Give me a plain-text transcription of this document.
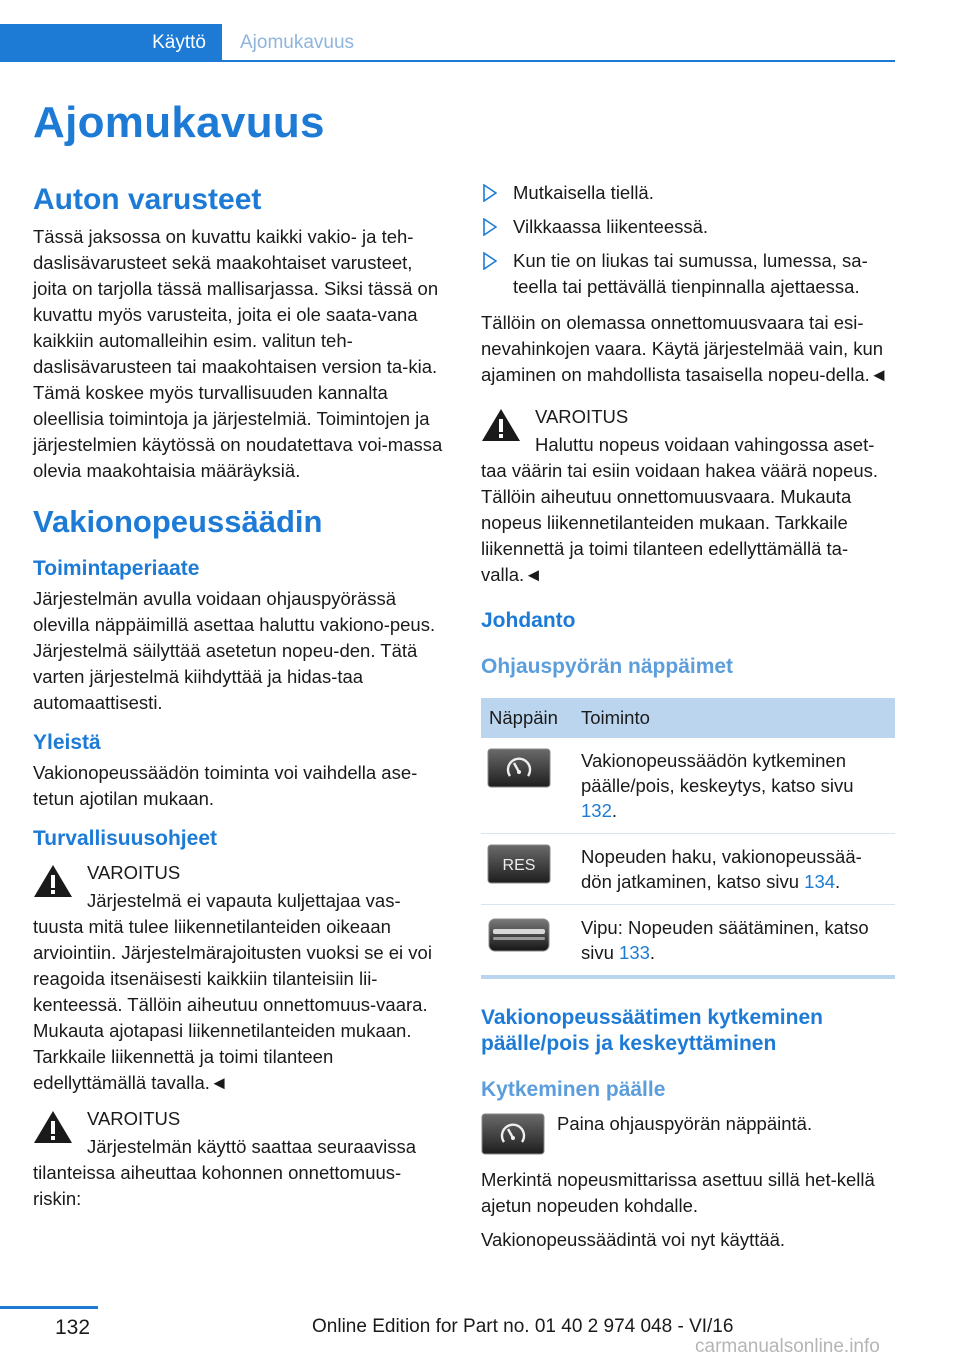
Käyttö	Ajomukavuus
Ajomukavuus
Auton varusteet

Tässä jaksossa on kuvattu kaikki vakio- ja teh-daslisävarusteet sekä maakohtaiset varusteet, joita on tarjolla tässä mallisarjassa. Siksi tässä on kuvattu myös varusteita, joita ei ole saata-vana kaikkiin automalleihin esim. valitun teh-daslisävarusteen tai maakohtaisen version ta-kia. Tämä koskee myös turvallisuuden kannalta oleellisia toimintoja ja järjestelmiä. Toimintojen ja järjestelmien käytössä on noudatettava voi-massa olevia maakohtaisia määräyksiä.

Vakionopeussäädin
Toimintaperiaate

Järjestelmän avulla voidaan ohjauspyörässä olevilla näppäimillä asettaa haluttu vakiono-peus. Järjestelmä säilyttää asetetun nopeu-den. Tätä varten järjestelmä kiihdyttää ja hidas-taa automaattisesti.

Yleistä

Vakionopeussäädön toiminta voi vaihdella ase-tetun ajotilan mukaan.

Turvallisuusohjeet
VAROITUS

Järjestelmä ei vapauta kuljettajaa vas-tuusta mitä tulee liikennetilanteiden oikeaan arviointiin. Järjestelmärajoitusten vuoksi se ei voi reagoida itsenäisesti kaikkiin tilanteisiin lii-kenteessä. Tällöin aiheutuu onnettomuus-vaara. Mukauta ajotapasi liikennetilanteiden mukaan. Tarkkaile liikennettä ja toimi tilanteen edellyttämällä tavalla.◄

VAROITUS

Järjestelmän käyttö saattaa seuraavissa tilanteissa aiheuttaa kohonnen onnettomuus-riskin:

Mutkaisella tiellä.
Vilkkaassa liikenteessä.
Kun tie on liukas tai sumussa, lumessa, sa-teella tai pettävällä tienpinnalla ajettaessa.

Tällöin on olemassa onnettomuusvaara tai esi-nevahinkojen vaara. Käytä järjestelmää vain, kun ajaminen on mahdollista tasaisella nopeu-della.◄

VAROITUS

Haluttu nopeus voidaan vahingossa aset-taa väärin tai esiin voidaan hakea väärä nopeus. Tällöin aiheutuu onnettomuusvaara. Mukauta nopeus liikennetilanteiden mukaan. Tarkkaile liikennettä ja toimi tilanteen edellyttämällä ta-valla.◄

Johdanto
Ohjauspyörän näppäimet
Näppäin	Toiminto

	Vakionopeussäädön kytkeminen päälle/pois, keskeytys, katso sivu 132.

RES	Nopeuden haku, vakionopeussää-dön jatkaminen, katso sivu 134.

	Vipu: Nopeuden säätäminen, katso sivu 133.
Vakionopeussäätimen kytkeminen päälle/pois ja keskeyttäminen
Kytkeminen päälle

Paina ohjauspyörän näppäintä.

Merkintä nopeusmittarissa asettuu sillä het-kellä ajetun nopeuden kohdalle.

Vakionopeussäädintä voi nyt käyttää.

132	Online Edition for Part no. 01 40 2 974 048 - VI/16
carmanualsonline.info
